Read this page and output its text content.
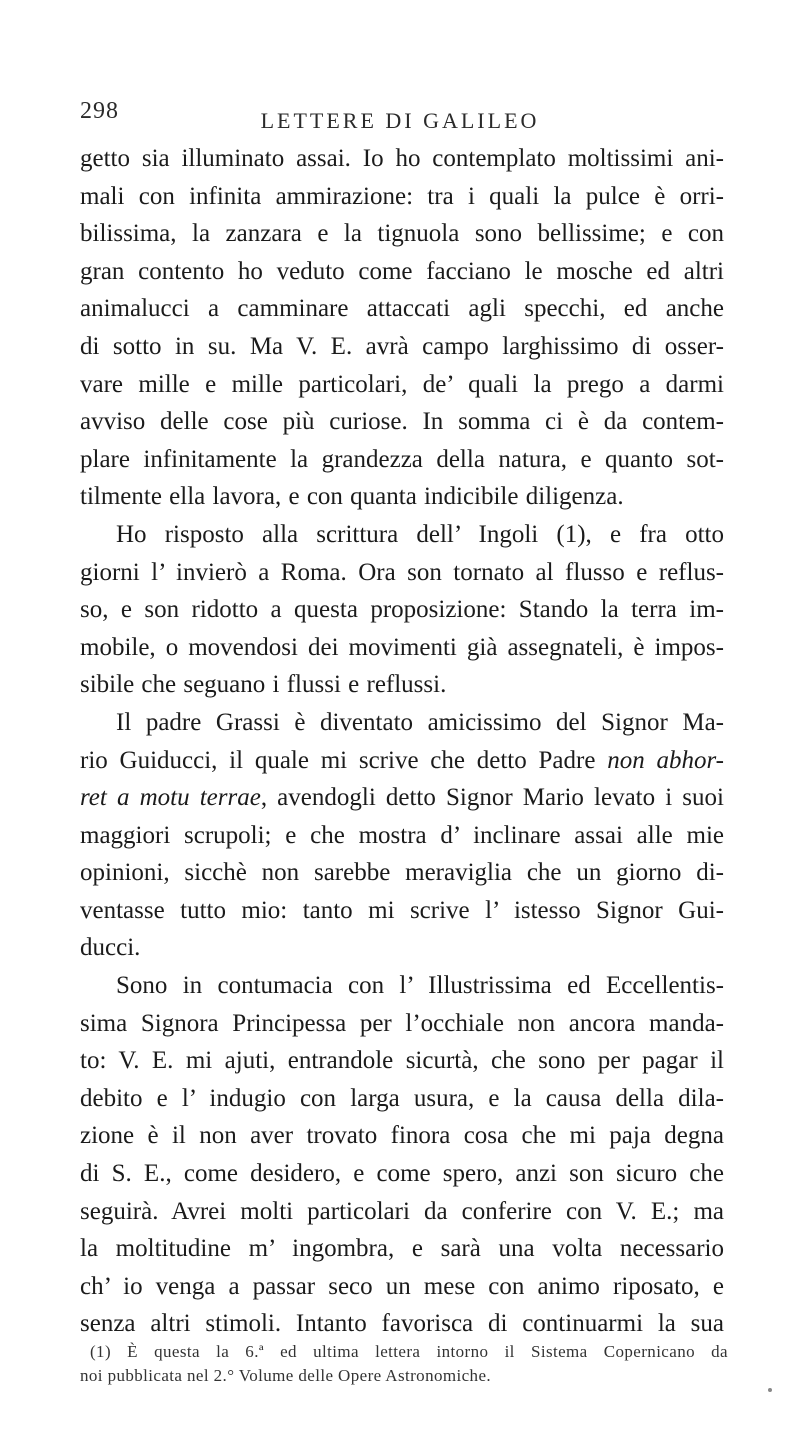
298	LETTERE DI GALILEO
getto sia illuminato assai. Io ho contemplato moltissimi ani-
mali con infinita ammirazione: tra i quali la pulce è orri-
bilissima, la zanzara e la tignuola sono bellissime; e con
gran contento ho veduto come facciano le mosche ed altri
animalucci a camminare attaccati agli specchi, ed anche
di sotto in su. Ma V. E. avrà campo larghissimo di osser-
vare mille e mille particolari, de’ quali la prego a darmi
avviso delle cose più curiose. In somma ci è da contem-
plare infinitamente la grandezza della natura, e quanto sot-
tilmente ella lavora, e con quanta indicibile diligenza.
Ho risposto alla scrittura dell’ Ingoli (1), e fra otto
giorni l’ invierò a Roma. Ora son tornato al flusso e reflus-
so, e son ridotto a questa proposizione: Stando la terra im-
mobile, o movendosi dei movimenti già assegnateli, è impos-
sibile che seguano i flussi e reflussi.
Il padre Grassi è diventato amicissimo del Signor Ma-
rio Guiducci, il quale mi scrive che detto Padre non abhor-
ret a motu terrae, avendogli detto Signor Mario levato i suoi
maggiori scrupoli; e che mostra d’ inclinare assai alle mie
opinioni, sicchè non sarebbe meraviglia che un giorno di-
ventasse tutto mio: tanto mi scrive l’ istesso Signor Gui-
ducci.
Sono in contumacia con l’ Illustrissima ed Eccellentis-
sima Signora Principessa per l’occhiale non ancora manda-
to: V. E. mi ajuti, entrandole sicurtà, che sono per pagar il
debito e l’ indugio con larga usura, e la causa della dila-
zione è il non aver trovato finora cosa che mi paja degna
di S. E., come desidero, e come spero, anzi son sicuro che
seguirà. Avrei molti particolari da conferire con V. E.; ma
la moltitudine m’ ingombra, e sarà una volta necessario
ch’ io venga a passar seco un mese con animo riposato, e
senza altri stimoli. Intanto favorisca di continuarmi la sua
(1) È questa la 6.ª ed ultima lettera intorno il Sistema Copernicano da
noi pubblicata nel 2.° Volume delle Opere Astronomiche.
